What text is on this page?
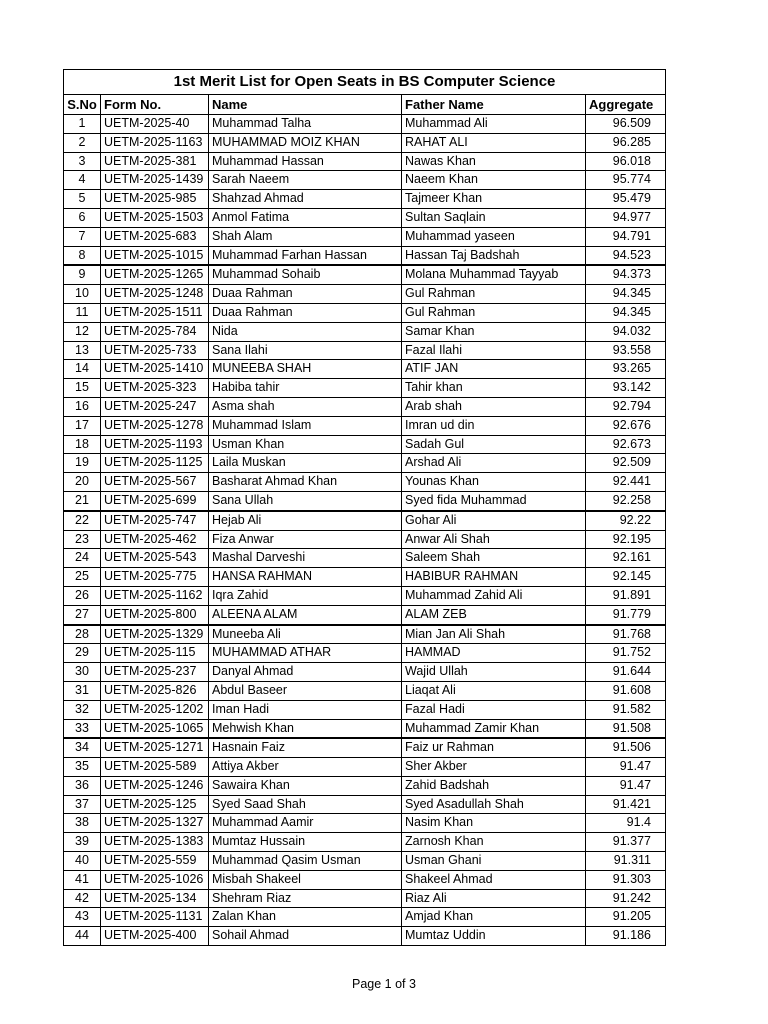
1st Merit List for Open Seats in BS Computer Science				
S.No	Form No.	Name	Father Name	Aggregate
1	UETM-2025-40	Muhammad Talha	Muhammad Ali	96.509
2	UETM-2025-1163	MUHAMMAD MOIZ KHAN	RAHAT ALI	96.285
3	UETM-2025-381	Muhammad Hassan	Nawas Khan	96.018
4	UETM-2025-1439	Sarah Naeem	Naeem Khan	95.774
5	UETM-2025-985	Shahzad Ahmad	Tajmeer Khan	95.479
6	UETM-2025-1503	Anmol Fatima	Sultan Saqlain	94.977
7	UETM-2025-683	Shah Alam	Muhammad yaseen	94.791
8	UETM-2025-1015	Muhammad Farhan Hassan	Hassan Taj Badshah	94.523
9	UETM-2025-1265	Muhammad Sohaib	Molana Muhammad Tayyab	94.373
10	UETM-2025-1248	Duaa Rahman	Gul Rahman	94.345
11	UETM-2025-1511	Duaa Rahman	Gul Rahman	94.345
12	UETM-2025-784	Nida	Samar Khan	94.032
13	UETM-2025-733	Sana Ilahi	Fazal Ilahi	93.558
14	UETM-2025-1410	MUNEEBA SHAH	ATIF JAN	93.265
15	UETM-2025-323	Habiba tahir	Tahir khan	93.142
16	UETM-2025-247	Asma shah	Arab shah	92.794
17	UETM-2025-1278	Muhammad Islam	Imran ud din	92.676
18	UETM-2025-1193	Usman Khan	Sadah Gul	92.673
19	UETM-2025-1125	Laila Muskan	Arshad Ali	92.509
20	UETM-2025-567	Basharat Ahmad Khan	Younas Khan	92.441
21	UETM-2025-699	Sana Ullah	Syed fida Muhammad	92.258
22	UETM-2025-747	Hejab Ali	Gohar Ali	92.22
23	UETM-2025-462	Fiza Anwar	Anwar Ali Shah	92.195
24	UETM-2025-543	Mashal Darveshi	Saleem Shah	92.161
25	UETM-2025-775	HANSA RAHMAN	HABIBUR RAHMAN	92.145
26	UETM-2025-1162	Iqra Zahid	Muhammad Zahid Ali	91.891
27	UETM-2025-800	ALEENA ALAM	ALAM ZEB	91.779
28	UETM-2025-1329	Muneeba Ali	Mian Jan Ali Shah	91.768
29	UETM-2025-115	MUHAMMAD ATHAR	HAMMAD	91.752
30	UETM-2025-237	Danyal Ahmad	Wajid Ullah	91.644
31	UETM-2025-826	Abdul Baseer	Liaqat Ali	91.608
32	UETM-2025-1202	Iman Hadi	Fazal Hadi	91.582
33	UETM-2025-1065	Mehwish Khan	Muhammad Zamir Khan	91.508
34	UETM-2025-1271	Hasnain Faiz	Faiz ur Rahman	91.506
35	UETM-2025-589	Attiya Akber	Sher Akber	91.47
36	UETM-2025-1246	Sawaira Khan	Zahid Badshah	91.47
37	UETM-2025-125	Syed Saad Shah	Syed Asadullah Shah	91.421
38	UETM-2025-1327	Muhammad Aamir	Nasim Khan	91.4
39	UETM-2025-1383	Mumtaz Hussain	Zarnosh Khan	91.377
40	UETM-2025-559	Muhammad Qasim Usman	Usman Ghani	91.311
41	UETM-2025-1026	Misbah Shakeel	Shakeel Ahmad	91.303
42	UETM-2025-134	Shehram Riaz	Riaz Ali	91.242
43	UETM-2025-1131	Zalan Khan	Amjad Khan	91.205
44	UETM-2025-400	Sohail Ahmad	Mumtaz Uddin	91.186
Page 1 of 3
